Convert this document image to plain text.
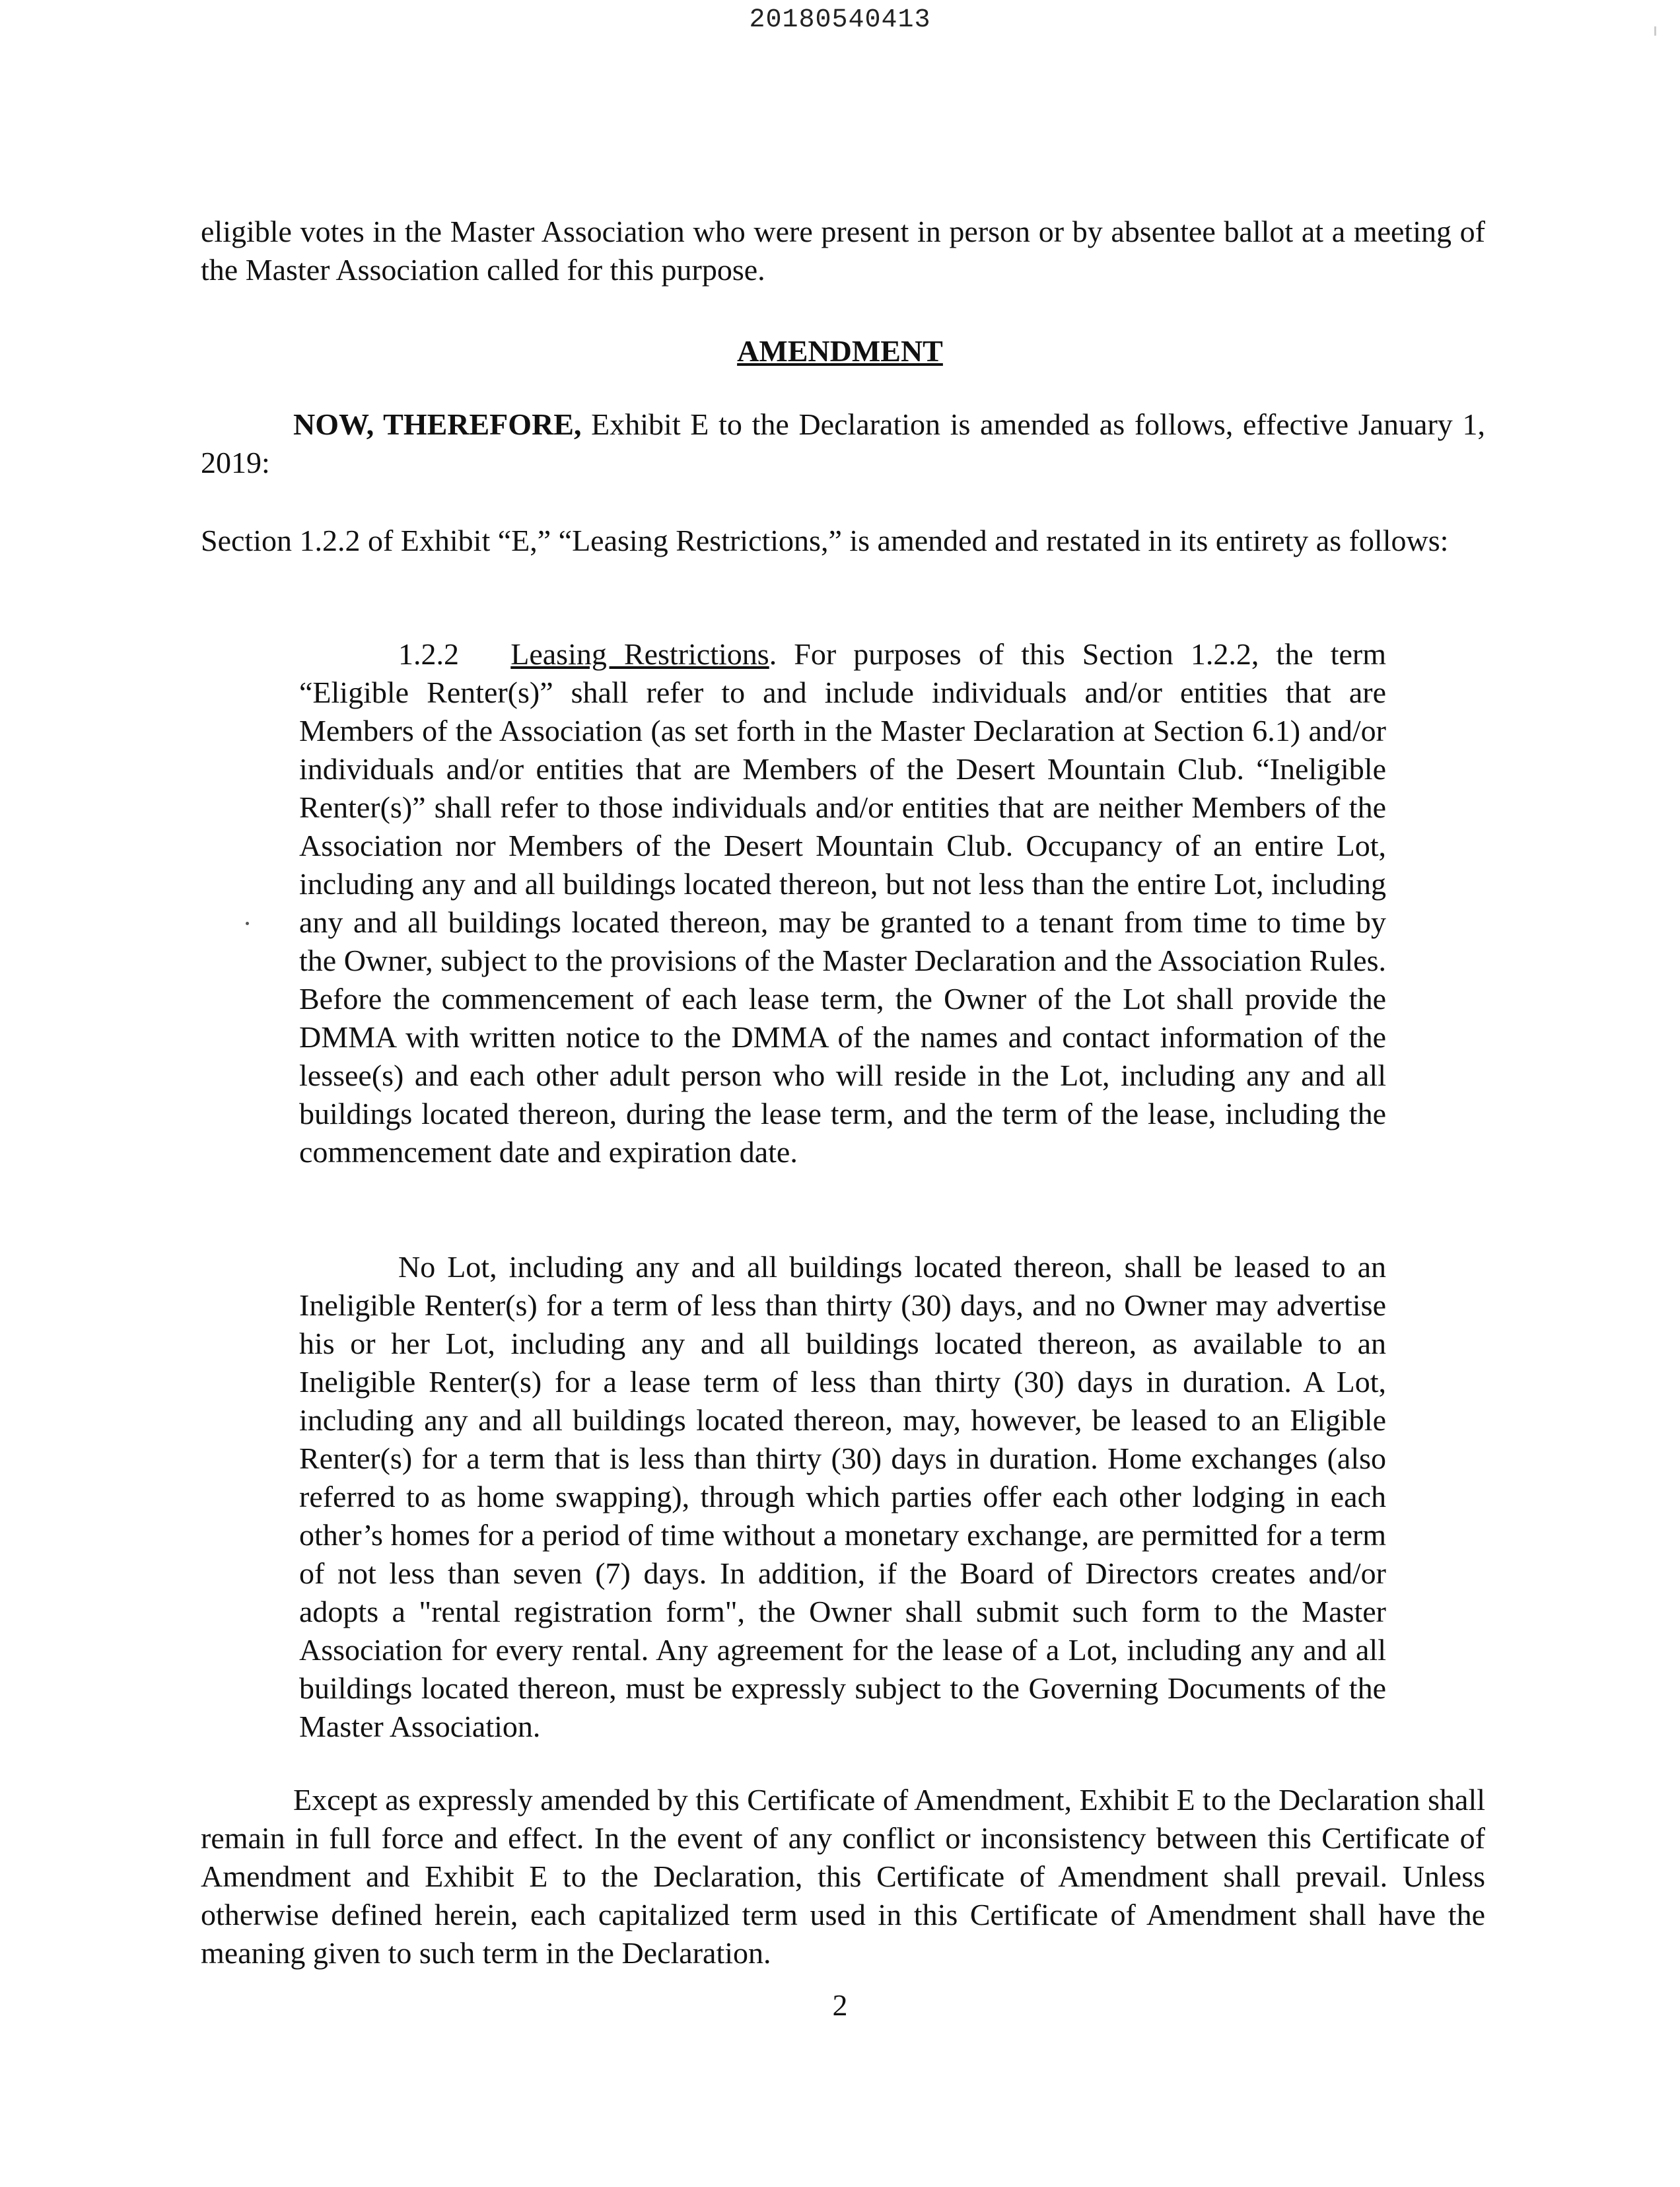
20180540413

eligible votes in the Master Association who were present in person or by absentee ballot at a meeting of the Master Association called for this purpose.

AMENDMENT

NOW, THEREFORE, Exhibit E to the Declaration is amended as follows, effective January 1, 2019:

Section 1.2.2 of Exhibit “E,” “Leasing Restrictions,” is amended and restated in its entirety as follows:

1.2.2 Leasing Restrictions. For purposes of this Section 1.2.2, the term “Eligible Renter(s)” shall refer to and include individuals and/or entities that are Members of the Association (as set forth in the Master Declaration at Section 6.1) and/or individuals and/or entities that are Members of the Desert Mountain Club. “Ineligible Renter(s)” shall refer to those individuals and/or entities that are neither Members of the Association nor Members of the Desert Mountain Club. Occupancy of an entire Lot, including any and all buildings located thereon, but not less than the entire Lot, including any and all buildings located thereon, may be granted to a tenant from time to time by the Owner, subject to the provisions of the Master Declaration and the Association Rules. Before the commencement of each lease term, the Owner of the Lot shall provide the DMMA with written notice to the DMMA of the names and contact information of the lessee(s) and each other adult person who will reside in the Lot, including any and all buildings located thereon, during the lease term, and the term of the lease, including the commencement date and expiration date.

No Lot, including any and all buildings located thereon, shall be leased to an Ineligible Renter(s) for a term of less than thirty (30) days, and no Owner may advertise his or her Lot, including any and all buildings located thereon, as available to an Ineligible Renter(s) for a lease term of less than thirty (30) days in duration. A Lot, including any and all buildings located thereon, may, however, be leased to an Eligible Renter(s) for a term that is less than thirty (30) days in duration. Home exchanges (also referred to as home swapping), through which parties offer each other lodging in each other’s homes for a period of time without a monetary exchange, are permitted for a term of not less than seven (7) days. In addition, if the Board of Directors creates and/or adopts a "rental registration form", the Owner shall submit such form to the Master Association for every rental. Any agreement for the lease of a Lot, including any and all buildings located thereon, must be expressly subject to the Governing Documents of the Master Association.

Except as expressly amended by this Certificate of Amendment, Exhibit E to the Declaration shall remain in full force and effect. In the event of any conflict or inconsistency between this Certificate of Amendment and Exhibit E to the Declaration, this Certificate of Amendment shall prevail. Unless otherwise defined herein, each capitalized term used in this Certificate of Amendment shall have the meaning given to such term in the Declaration.

2
